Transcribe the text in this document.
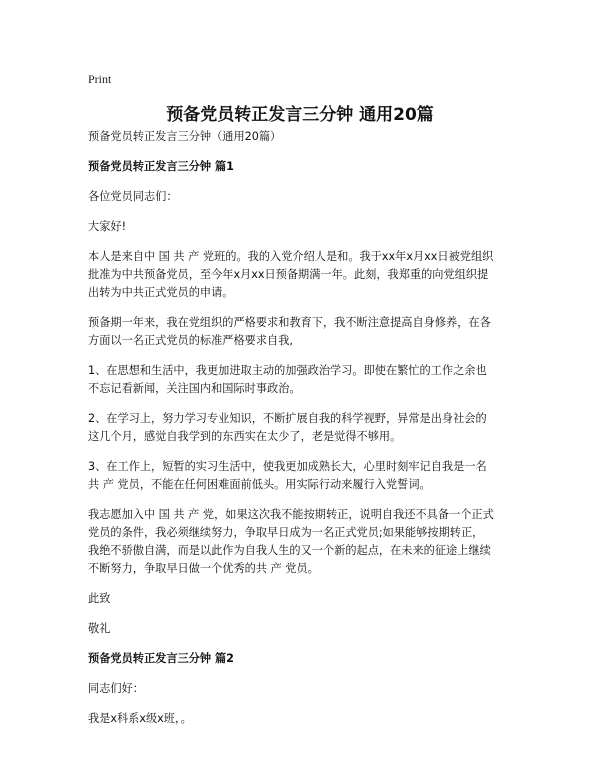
Print
预备党员转正发言三分钟 通用20篇

预备党员转正发言三分钟（通用20篇）

预备党员转正发言三分钟 篇1

各位党员同志们：

大家好!

本人是来自中 国 共 产 党班的。我的入党介绍人是和。我于xx年x月xx日被党组织
批准为中共预备党员，至今年x月xx日预备期满一年。此刻，我郑重的向党组织提
出转为中共正式党员的申请。
预备期一年来，我在党组织的严格要求和教育下，我不断注意提高自身修养，在各
方面以一名正式党员的标准严格要求自我,
1、在思想和生活中，我更加进取主动的加强政治学习。即使在繁忙的工作之余也
不忘记看新闻，关注国内和国际时事政治。
2、在学习上，努力学习专业知识，不断扩展自我的科学视野，异常是出身社会的
这几个月，感觉自我学到的东西实在太少了，老是觉得不够用。
3、在工作上，短暂的实习生活中，使我更加成熟长大，心里时刻牢记自我是一名
共 产 党员，不能在任何困难面前低头。用实际行动来履行入党誓词。
我志愿加入中 国 共 产 党，如果这次我不能按期转正，说明自我还不具备一个正式
党员的条件，我必须继续努力，争取早日成为一名正式党员;如果能够按期转正，
我绝不骄傲自满，而是以此作为自我人生的又一个新的起点，在未来的征途上继续
不断努力，争取早日做一个优秀的共 产 党员。

此致

敬礼

预备党员转正发言三分钟 篇2

同志们好：

我是x科系x级x班，。
